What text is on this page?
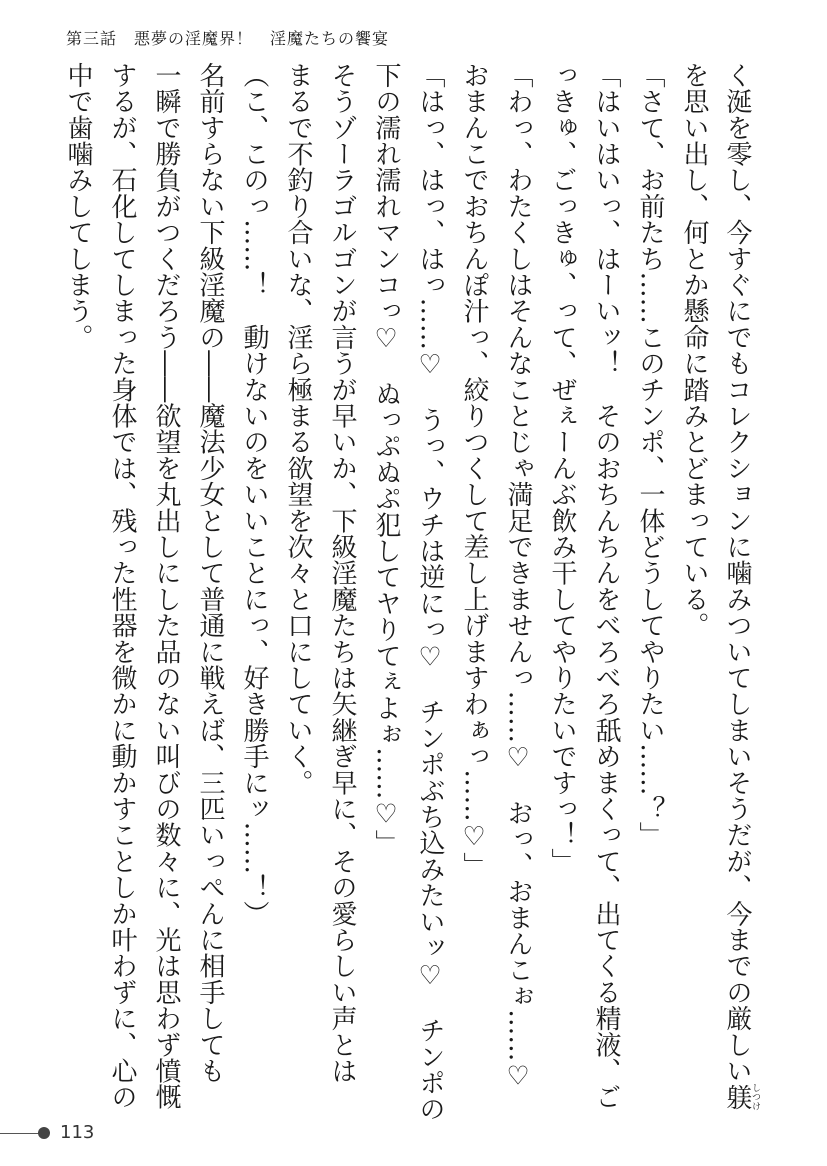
第三話　悪夢の淫魔界！　淫魔たちの饗宴
く涎を零し、今すぐにでもコレクションに噛みついてしまいそうだが、今までの厳しい躾しつけ
を思い出し、何とか懸命に踏みとどまっている。
「さて、お前たち……このチンポ、一体どうしてやりたい……？」
「はいはいっ、はーいッ！　そのおちんちんをべろべろ舐めまくって、出てくる精液、ご
っきゅ、ごっきゅ、って、ぜぇーんぶ飲み干してやりたいですっ！」
「わっ、わたくしはそんなことじゃ満足できませんっ……♡　おっ、おまんこぉ……♡
おまんこでおちんぽ汁っ、絞りつくして差し上げますわぁっ……♡」
「はっ、はっ、はっ……♡　うっ、ウチは逆にっ♡　チンポぶち込みたいッ♡　チンポの
下の濡れ濡れマンコっ♡　ぬっぷぬぷ犯してヤりてぇよぉ……♡」
そうゾーラゴルゴンが言うが早いか、下級淫魔たちは矢継ぎ早に、その愛らしい声とは
まるで不釣り合いな、淫ら極まる欲望を次々と口にしていく。
（こ、このっ……！　動けないのをいいことにっ、好き勝手にッ……！）
名前すらない下級淫魔の――魔法少女として普通に戦えば、三匹いっぺんに相手しても
一瞬で勝負がつくだろう――欲望を丸出しにした品のない叫びの数々に、光は思わず憤慨
するが、石化してしまった身体では、残った性器を微かに動かすことしか叶わずに、心の
中で歯噛みしてしまう。
113
